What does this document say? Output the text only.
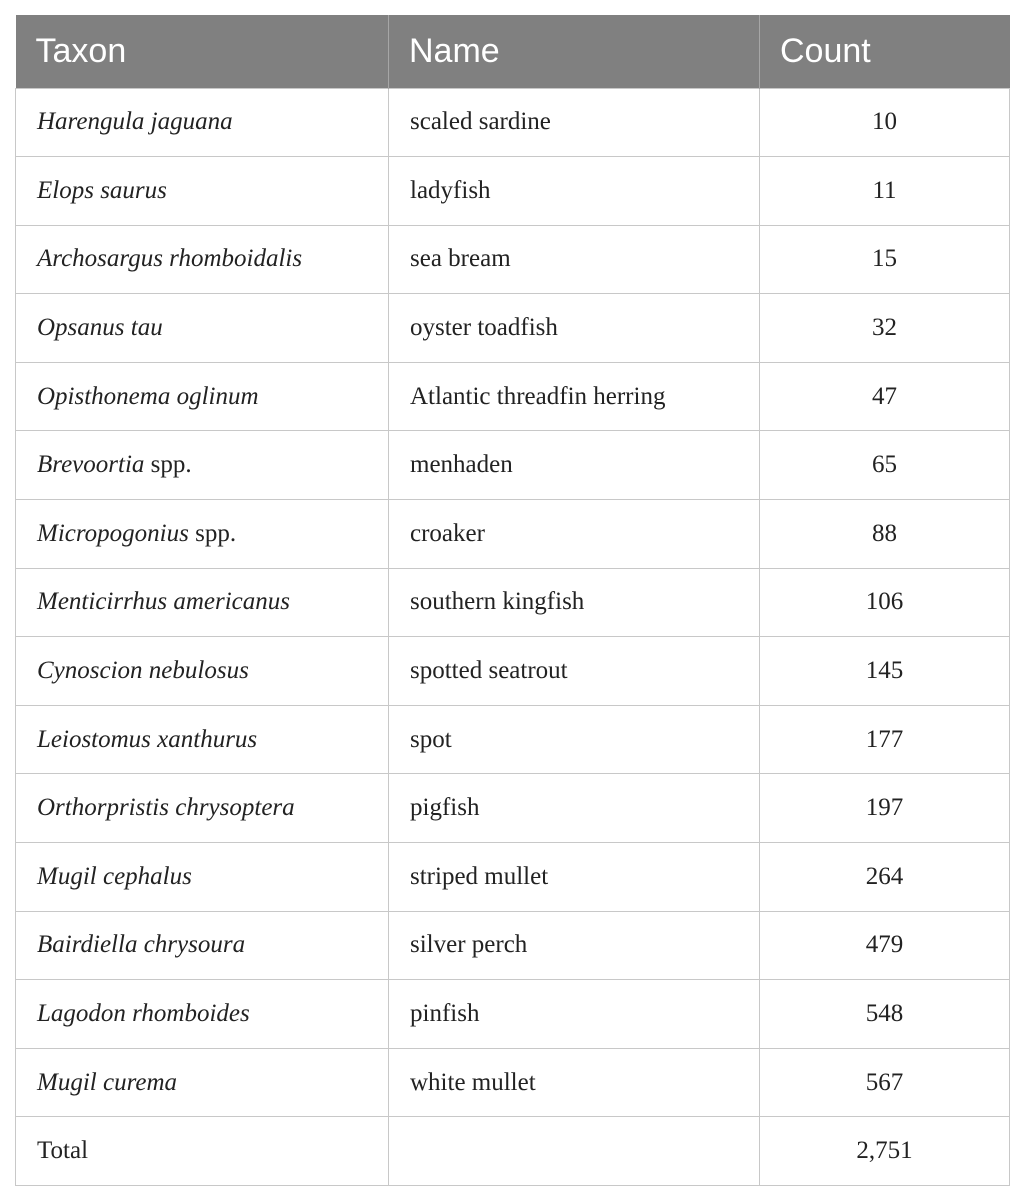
Taxon	Name	Count
Harengula jaguana	scaled sardine	10
Elops saurus	ladyfish	11
Archosargus rhomboidalis	sea bream	15
Opsanus tau	oyster toadfish	32
Opisthonema oglinum	Atlantic threadfin herring	47
Brevoortia spp.	menhaden	65
Micropogonius spp.	croaker	88
Menticirrhus americanus	southern kingfish	106
Cynoscion nebulosus	spotted seatrout	145
Leiostomus xanthurus	spot	177
Orthorpristis chrysoptera	pigfish	197
Mugil cephalus	striped mullet	264
Bairdiella chrysoura	silver perch	479
Lagodon rhomboides	pinfish	548
Mugil curema	white mullet	567
Total		2,751
